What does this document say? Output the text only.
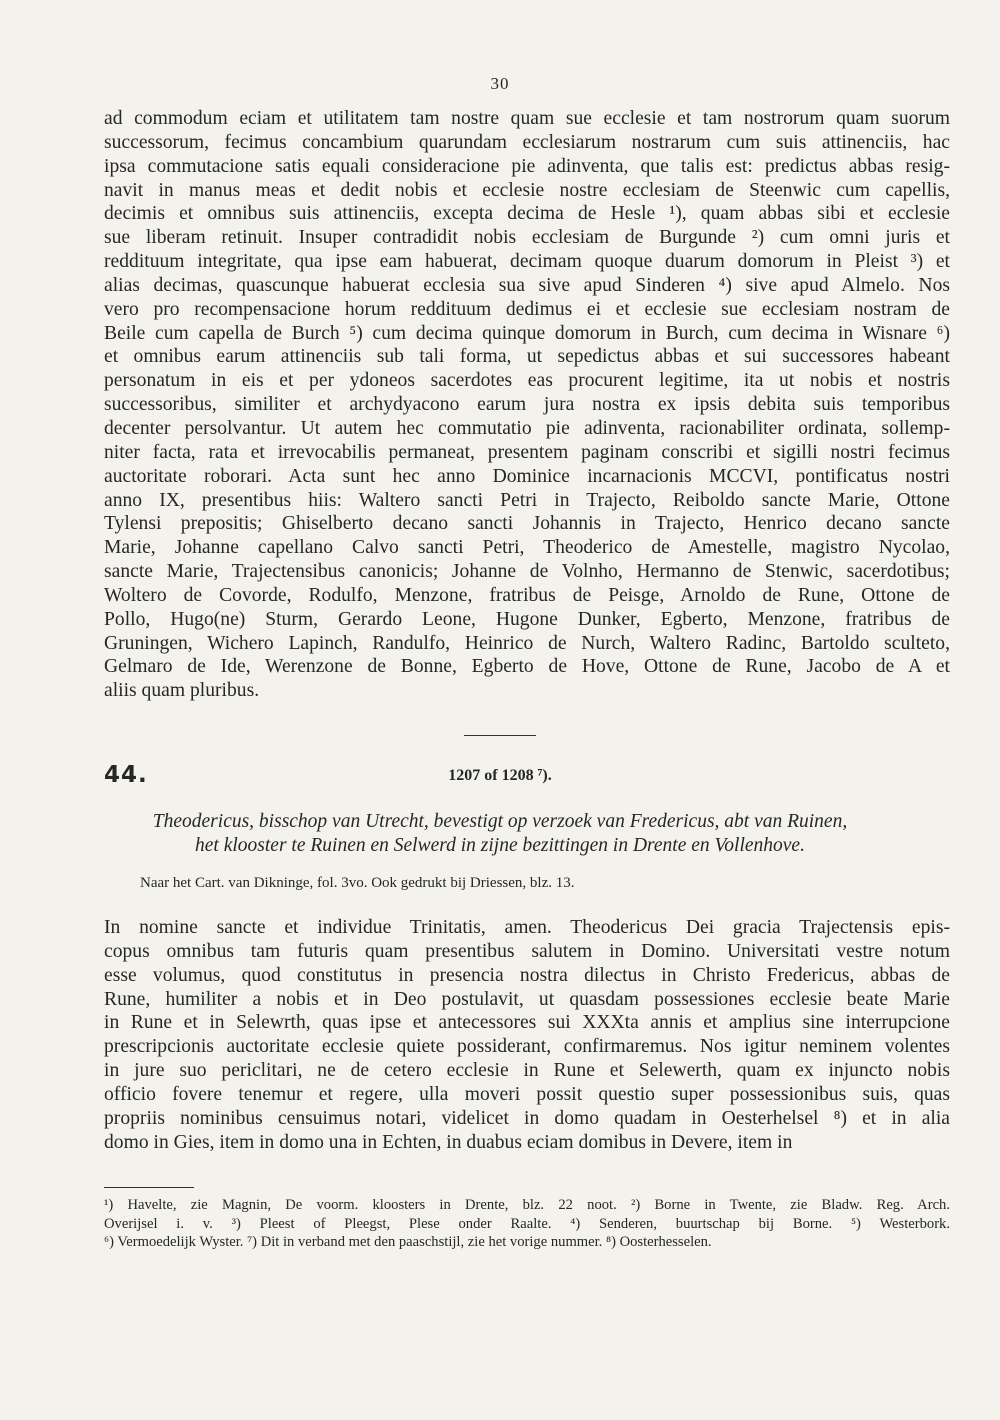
30
ad commodum eciam et utilitatem tam nostre quam sue ecclesie et tam nostrorum quam suorum
successorum, fecimus concambium quarundam ecclesiarum nostrarum cum suis attinenciis, hac
ipsa commutacione satis equali consideracione pie adinventa, que talis est: predictus abbas resig-
navit in manus meas et dedit nobis et ecclesie nostre ecclesiam de Steenwic cum capellis,
decimis et omnibus suis attinenciis, excepta decima de Hesle ¹), quam abbas sibi et ecclesie
sue liberam retinuit. Insuper contradidit nobis ecclesiam de Burgunde ²) cum omni juris et
reddituum integritate, qua ipse eam habuerat, decimam quoque duarum domorum in Pleist ³) et
alias decimas, quascunque habuerat ecclesia sua sive apud Sinderen ⁴) sive apud Almelo. Nos
vero pro recompensacione horum reddituum dedimus ei et ecclesie sue ecclesiam nostram de
Beile cum capella de Burch ⁵) cum decima quinque domorum in Burch, cum decima in Wisnare ⁶)
et omnibus earum attinenciis sub tali forma, ut sepedictus abbas et sui successores habeant
personatum in eis et per ydoneos sacerdotes eas procurent legitime, ita ut nobis et nostris
successoribus, similiter et archydyacono earum jura nostra ex ipsis debita suis temporibus
decenter persolvantur. Ut autem hec commutatio pie adinventa, racionabiliter ordinata, sollemp-
niter facta, rata et irrevocabilis permaneat, presentem paginam conscribi et sigilli nostri fecimus
auctoritate roborari. Acta sunt hec anno Dominice incarnacionis MCCVI, pontificatus nostri
anno IX, presentibus hiis: Waltero sancti Petri in Trajecto, Reiboldo sancte Marie, Ottone
Tylensi prepositis; Ghiselberto decano sancti Johannis in Trajecto, Henrico decano sancte
Marie, Johanne capellano Calvo sancti Petri, Theoderico de Amestelle, magistro Nycolao,
sancte Marie, Trajectensibus canonicis; Johanne de Volnho, Hermanno de Stenwic, sacerdotibus;
Woltero de Covorde, Rodulfo, Menzone, fratribus de Peisge, Arnoldo de Rune, Ottone de
Pollo, Hugo(ne) Sturm, Gerardo Leone, Hugone Dunker, Egberto, Menzone, fratribus de
Gruningen, Wichero Lapinch, Randulfo, Heinrico de Nurch, Waltero Radinc, Bartoldo sculteto,
Gelmaro de Ide, Werenzone de Bonne, Egberto de Hove, Ottone de Rune, Jacobo de A et
aliis quam pluribus.
44.	1207 of 1208 ⁷).
Theodericus, bisschop van Utrecht, bevestigt op verzoek van Fredericus, abt van Ruinen,
het klooster te Ruinen en Selwerd in zijne bezittingen in Drente en Vollenhove.
Naar het Cart. van Dikninge, fol. 3vo. Ook gedrukt bij Driessen, blz. 13.
In nomine sancte et individue Trinitatis, amen. Theodericus Dei gracia Trajectensis epis-
copus omnibus tam futuris quam presentibus salutem in Domino. Universitati vestre notum
esse volumus, quod constitutus in presencia nostra dilectus in Christo Fredericus, abbas de
Rune, humiliter a nobis et in Deo postulavit, ut quasdam possessiones ecclesie beate Marie
in Rune et in Selewrth, quas ipse et antecessores sui XXXta annis et amplius sine interrupcione
prescripcionis auctoritate ecclesie quiete possiderant, confirmaremus. Nos igitur neminem volentes
in jure suo periclitari, ne de cetero ecclesie in Rune et Selewerth, quam ex injuncto nobis
officio fovere tenemur et regere, ulla moveri possit questio super possessionibus suis, quas
propriis nominibus censuimus notari, videlicet in domo quadam in Oesterhelsel ⁸) et in alia
domo in Gies, item in domo una in Echten, in duabus eciam domibus in Devere, item in
¹) Havelte, zie Magnin, De voorm. kloosters in Drente, blz. 22 noot. ²) Borne in Twente, zie Bladw. Reg. Arch.
Overijsel i. v. ³) Pleest of Pleegst, Plese onder Raalte. ⁴) Senderen, buurtschap bij Borne. ⁵) Westerbork.
⁶) Vermoedelijk Wyster. ⁷) Dit in verband met den paaschstijl, zie het vorige nummer. ⁸) Oosterhesselen.
